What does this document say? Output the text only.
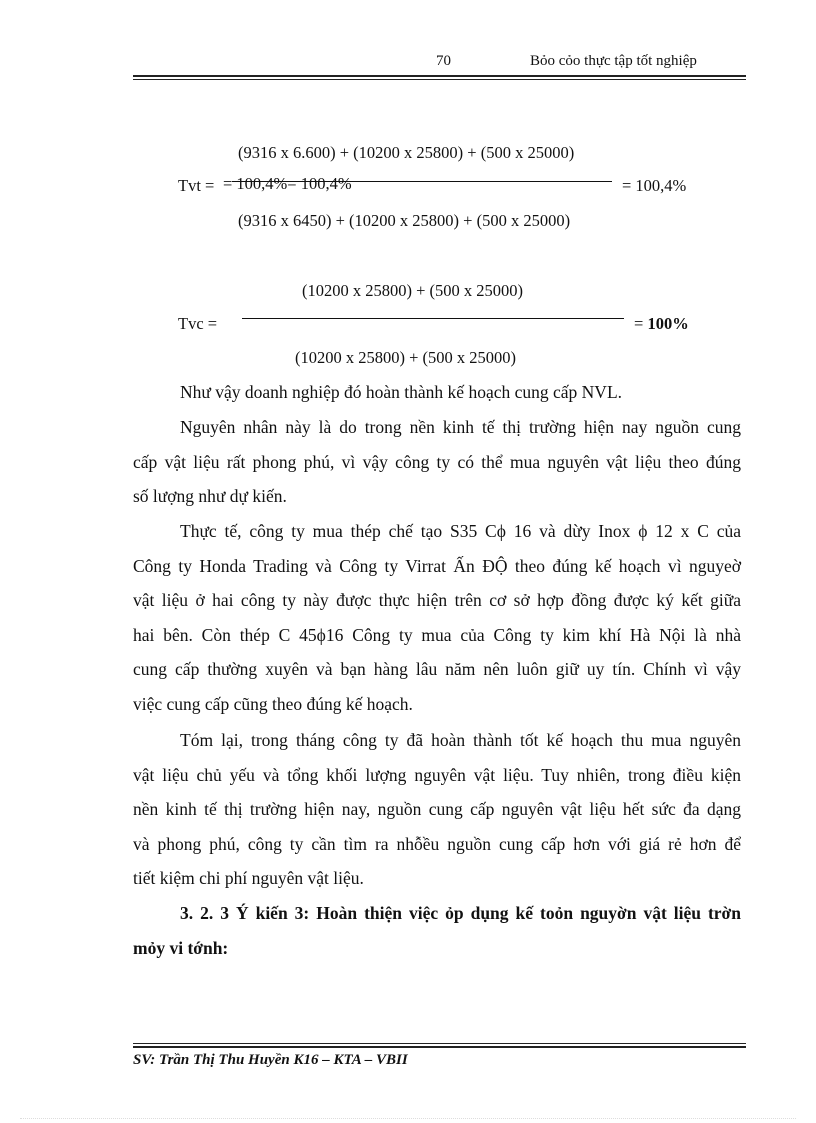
70	Bỏo cỏo thực tập tốt nghiệp
(9316 x 6.600) + (10200 x 25800) + (500 x 25000)
Tvt = = 100,4%= 100,4%	= 100,4%
(9316 x 6450) + (10200 x 25800) + (500 x 25000)
(10200 x 25800) + (500 x 25000)
Tvc =	= 100%
(10200 x 25800) + (500 x 25000)
Như vậy doanh nghiệp đó hoàn thành kế hoạch cung cấp NVL.
Nguyên nhân này là do trong nền kinh tế thị trường hiện nay nguồn cung
cấp vật liệu rất phong phú, vì vậy công ty có thể mua nguyên vật liệu theo đúng
số lượng như dự kiến.
Thực tế, công ty mua thép chế tạo S35 Cϕ 16 và dừy Inox ϕ 12 x C của
Công ty Honda Trading và Công ty Virrat Ấn ĐỘ theo đúng kế hoạch vì nguyeờ
vật liệu ở hai công ty này được thực hiện trên cơ sở hợp đồng được ký kết giữa
hai bên. Còn thép C 45ϕ16 Công ty mua của Công ty kim khí Hà Nội là nhà
cung cấp thường xuyên và bạn hàng lâu năm nên luôn giữ uy tín. Chính vì vậy
việc cung cấp cũng theo đúng kế hoạch.
Tóm lại, trong tháng công ty đã hoàn thành tốt kế hoạch thu mua nguyên
vật liệu chủ yếu và tổng khối lượng nguyên vật liệu. Tuy nhiên, trong điều kiện
nền kinh tế thị trường hiện nay, nguồn cung cấp nguyên vật liệu hết sức đa dạng
và phong phú, công ty cần tìm ra nhỗều nguồn cung cấp hơn với giá rẻ hơn để
tiết kiệm chi phí nguyên vật liệu.
3. 2. 3 Ý kiến 3: Hoàn thiện việc ỏp dụng kế toỏn nguyờn vật liệu trờn
mỏy vi tớnh:
SV: Trần Thị Thu Huyền K16 – KTA – VBII
